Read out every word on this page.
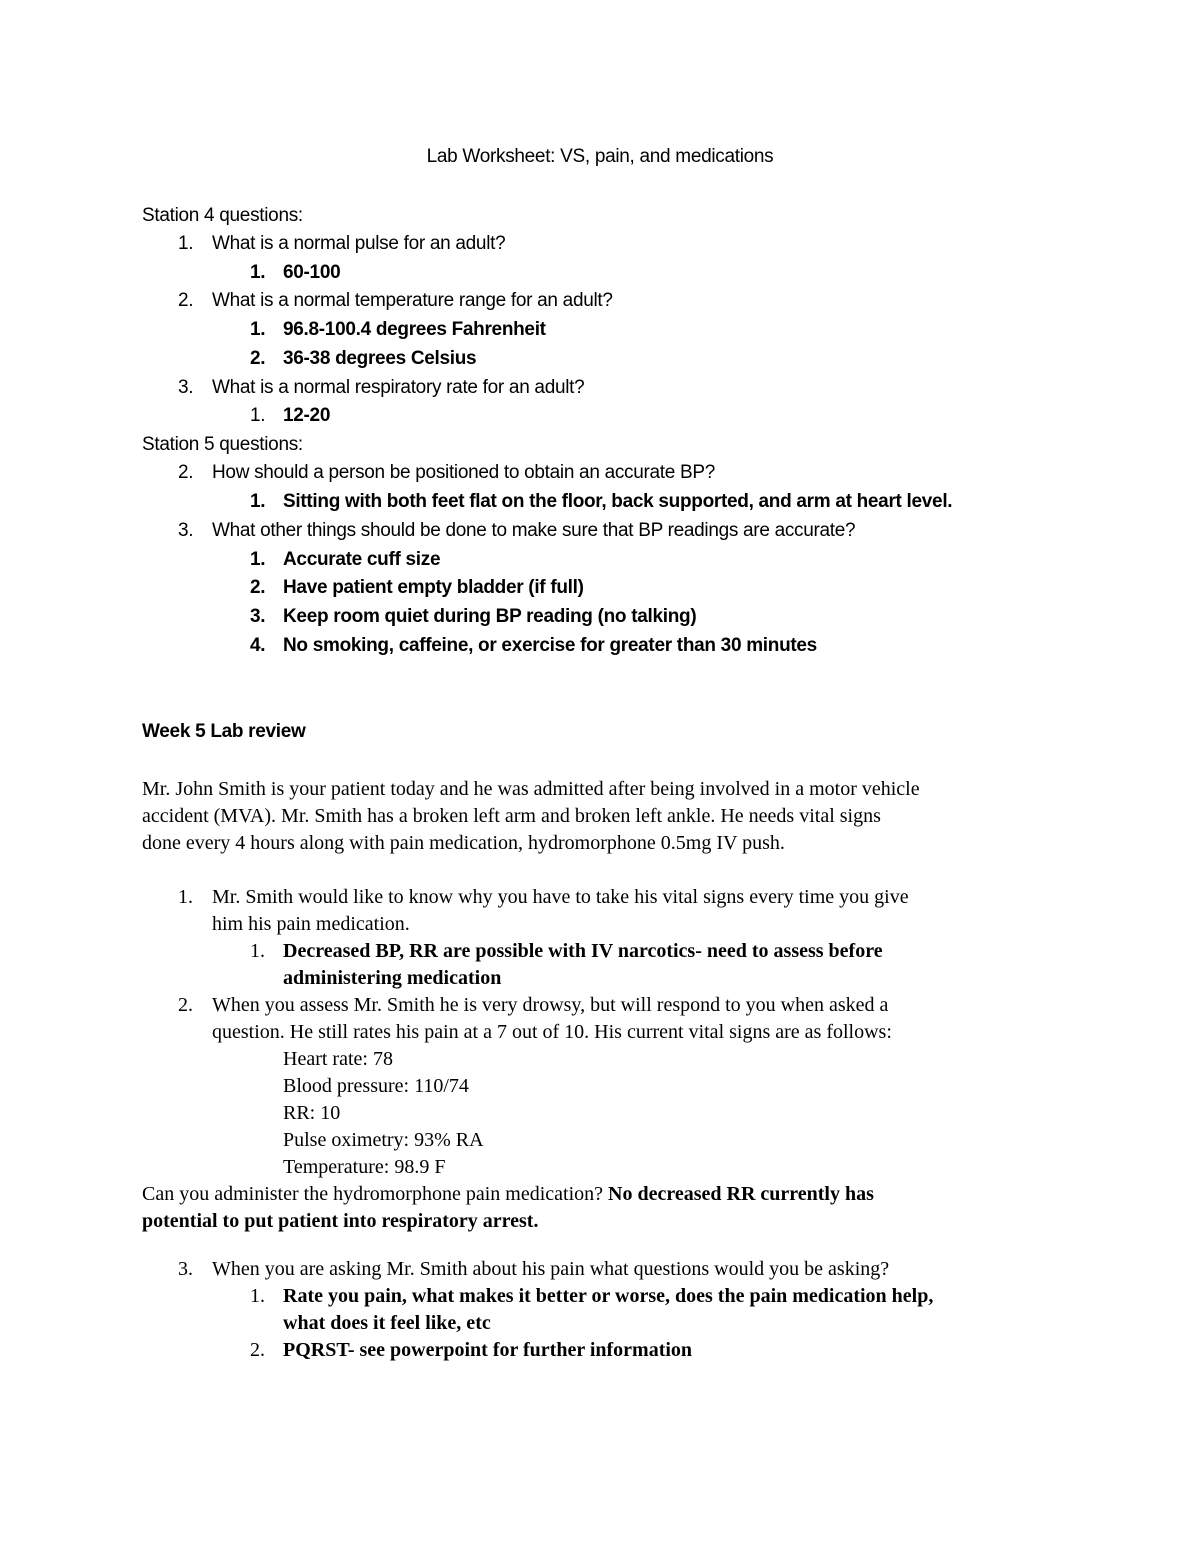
Lab Worksheet: VS, pain, and medications
Station 4 questions:
1. What is a normal pulse for an adult?
1. 60-100
2. What is a normal temperature range for an adult?
1. 96.8-100.4 degrees Fahrenheit
2. 36-38 degrees Celsius
3. What is a normal respiratory rate for an adult?
1. 12-20
Station 5 questions:
2. How should a person be positioned to obtain an accurate BP?
1. Sitting with both feet flat on the floor, back supported, and arm at heart level.
3. What other things should be done to make sure that BP readings are accurate?
1. Accurate cuff size
2. Have patient empty bladder (if full)
3. Keep room quiet during BP reading (no talking)
4. No smoking, caffeine, or exercise for greater than 30 minutes
Week 5 Lab review
Mr. John Smith is your patient today and he was admitted after being involved in a motor vehicle
accident (MVA). Mr. Smith has a broken left arm and broken left ankle. He needs vital signs
done every 4 hours along with pain medication, hydromorphone 0.5mg IV push.
1. Mr. Smith would like to know why you have to take his vital signs every time you give
him his pain medication.
1. Decreased BP, RR are possible with IV narcotics- need to assess before
administering medication
2. When you assess Mr. Smith he is very drowsy, but will respond to you when asked a
question. He still rates his pain at a 7 out of 10. His current vital signs are as follows:
Heart rate: 78
Blood pressure: 110/74
RR: 10
Pulse oximetry: 93% RA
Temperature: 98.9 F
Can you administer the hydromorphone pain medication? No decreased RR currently has
potential to put patient into respiratory arrest.
3. When you are asking Mr. Smith about his pain what questions would you be asking?
1. Rate you pain, what makes it better or worse, does the pain medication help,
what does it feel like, etc
2. PQRST- see powerpoint for further information
